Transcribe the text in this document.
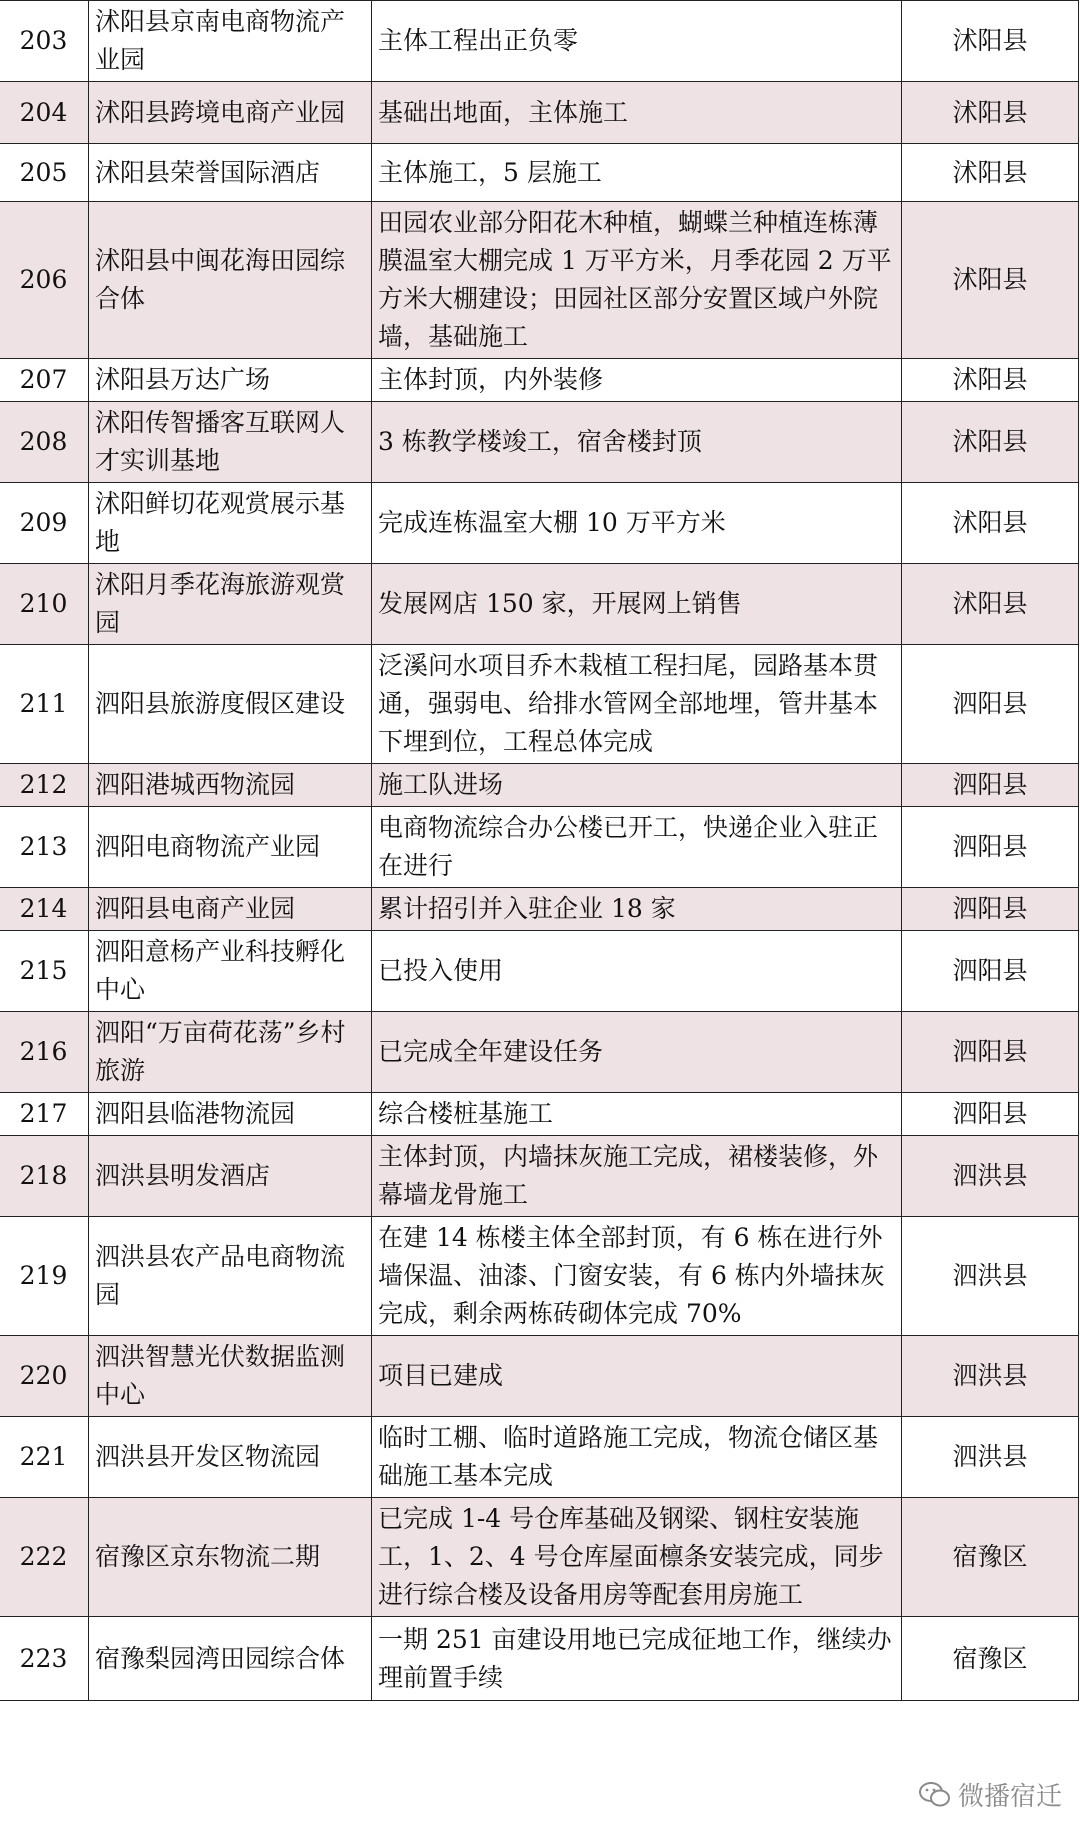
203	沭阳县京南电商物流产业园	主体工程出正负零	沭阳县
204	沭阳县跨境电商产业园	基础出地面，主体施工	沭阳县
205	沭阳县荣誉国际酒店	主体施工，5 层施工	沭阳县
206	沭阳县中闽花海田园综合体	田园农业部分阳花木种植，蝴蝶兰种植连栋薄膜温室大棚完成 1 万平方米，月季花园 2 万平方米大棚建设；田园社区部分安置区域户外院墙，基础施工	沭阳县
207	沭阳县万达广场	主体封顶，内外装修	沭阳县
208	沭阳传智播客互联网人才实训基地	3 栋教学楼竣工，宿舍楼封顶	沭阳县
209	沭阳鲜切花观赏展示基地	完成连栋温室大棚 10 万平方米	沭阳县
210	沭阳月季花海旅游观赏园	发展网店 150 家，开展网上销售	沭阳县
211	泗阳县旅游度假区建设	泛溪问水项目乔木栽植工程扫尾，园路基本贯通，强弱电、给排水管网全部地埋，管井基本下埋到位，工程总体完成	泗阳县
212	泗阳港城西物流园	施工队进场	泗阳县
213	泗阳电商物流产业园	电商物流综合办公楼已开工，快递企业入驻正在进行	泗阳县
214	泗阳县电商产业园	累计招引并入驻企业 18 家	泗阳县
215	泗阳意杨产业科技孵化中心	已投入使用	泗阳县
216	泗阳“万亩荷花荡”乡村旅游	已完成全年建设任务	泗阳县
217	泗阳县临港物流园	综合楼桩基施工	泗阳县
218	泗洪县明发酒店	主体封顶，内墙抹灰施工完成，裙楼装修，外幕墙龙骨施工	泗洪县
219	泗洪县农产品电商物流园	在建 14 栋楼主体全部封顶，有 6 栋在进行外墙保温、油漆、门窗安装，有 6 栋内外墙抹灰完成，剩余两栋砖砌体完成 70%	泗洪县
220	泗洪智慧光伏数据监测中心	项目已建成	泗洪县
221	泗洪县开发区物流园	临时工棚、临时道路施工完成，物流仓储区基础施工基本完成	泗洪县
222	宿豫区京东物流二期	已完成 1-4 号仓库基础及钢梁、钢柱安装施工，1、2、4 号仓库屋面檩条安装完成，同步进行综合楼及设备用房等配套用房施工	宿豫区
223	宿豫梨园湾田园综合体	一期 251 亩建设用地已完成征地工作，继续办理前置手续	宿豫区
微播宿迁
